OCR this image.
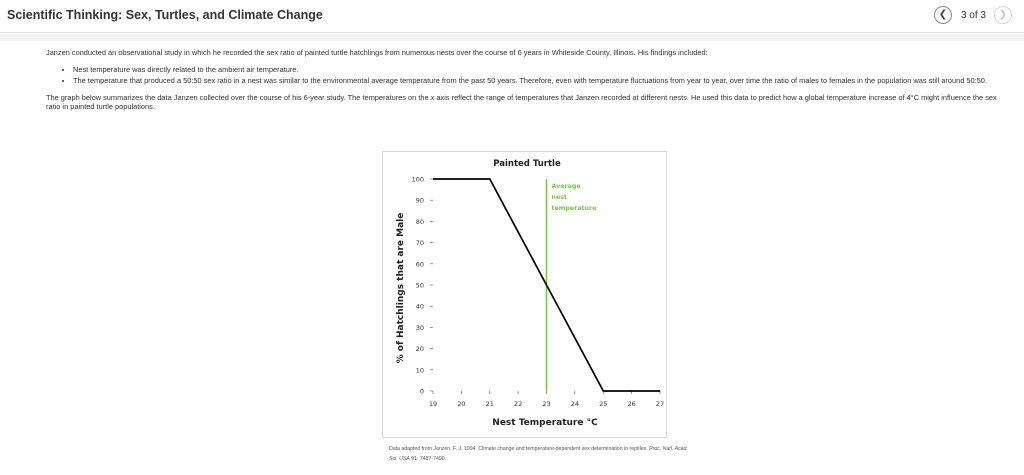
Scientific Thinking: Sex, Turtles, and Climate Change	❮ 3 of 3 ❯

Janzen conducted an observational study in which he recorded the sex ratio of painted turtle hatchlings from numerous nests over the course of 6 years in Whiteside County, Illinois. His findings included:

• Nest temperature was directly related to the ambient air temperature.
• The temperature that produced a 50:50 sex ratio in a nest was similar to the environmental average temperature from the past 50 years. Therefore, even with temperature fluctuations from year to year, over time the ratio of males to females in the population was still around 50:50.

The graph below summarizes the data Janzen collected over the course of his 6-year study. The temperatures on the x axis reflect the range of temperatures that Janzen recorded at different nests. He used this data to predict how a global temperature increase of 4°C might influence the sex ratio in painted turtle populations.

Painted Turtle
Nest Temperature °C
% of Hatchlings that are Male
0
10
20
30
40
50
60
70
80
90
100
19	20	21	22	23	24	25	26	27
Average
nest
temperature
Data adapted from Janzen, F. J. 1994. Climate change and temperature-dependent sex determination in reptiles. Proc. Natl. Acad. Sci. USA 91: 7487-7490.
